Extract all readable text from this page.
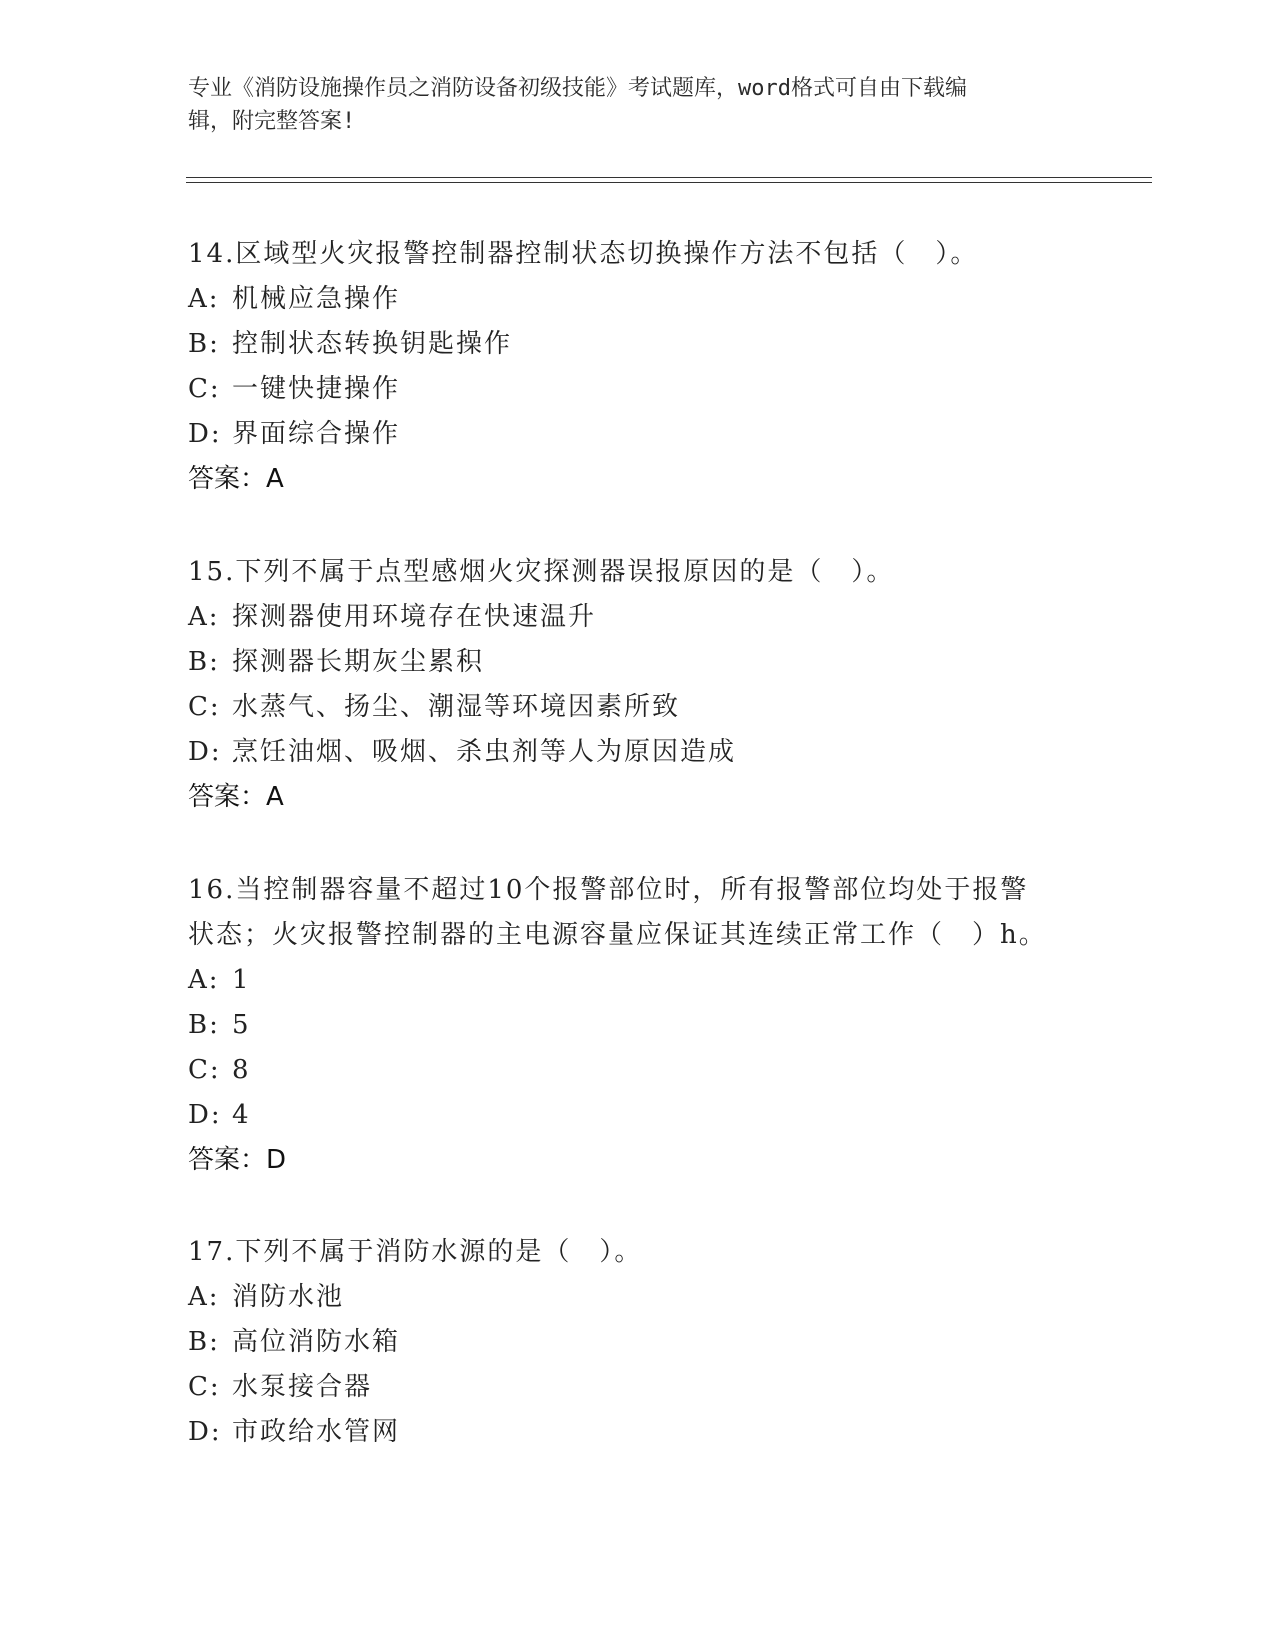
专业《消防设施操作员之消防设备初级技能》考试题库，word格式可自由下载编
辑，附完整答案!
14.区域型火灾报警控制器控制状态切换操作方法不包括（　）。
A: 机械应急操作
B: 控制状态转换钥匙操作
C: 一键快捷操作
D: 界面综合操作
答案：A
15.下列不属于点型感烟火灾探测器误报原因的是（　）。
A: 探测器使用环境存在快速温升
B: 探测器长期灰尘累积
C: 水蒸气、扬尘、潮湿等环境因素所致
D: 烹饪油烟、吸烟、杀虫剂等人为原因造成
答案：A
16.当控制器容量不超过10个报警部位时，所有报警部位均处于报警
状态；火灾报警控制器的主电源容量应保证其连续正常工作（　）h。
A: 1
B: 5
C: 8
D: 4
答案：D
17.下列不属于消防水源的是（　）。
A: 消防水池
B: 高位消防水箱
C: 水泵接合器
D: 市政给水管网
